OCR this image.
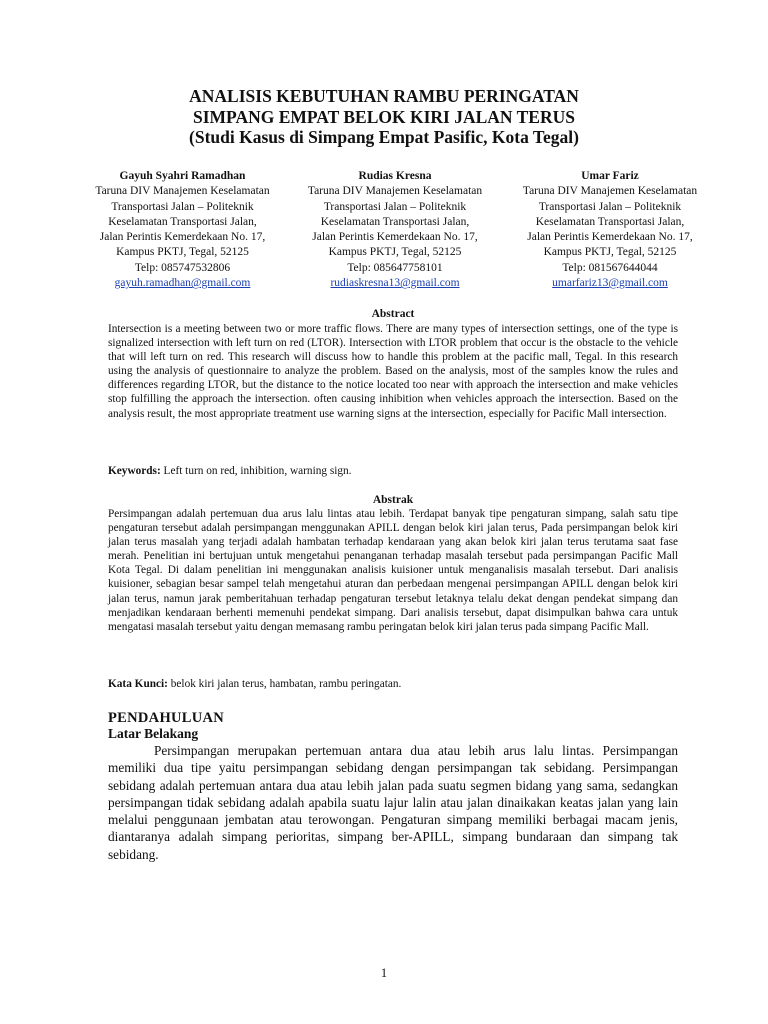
ANALISIS KEBUTUHAN RAMBU PERINGATAN
SIMPANG EMPAT BELOK KIRI JALAN TERUS
(Studi Kasus di Simpang Empat Pasific, Kota Tegal)
Gayuh Syahri Ramadhan
Taruna DIV Manajemen Keselamatan
Transportasi Jalan – Politeknik
Keselamatan Transportasi Jalan,
Jalan Perintis Kemerdekaan No. 17,
Kampus PKTJ, Tegal, 52125
Telp: 085747532806
gayuh.ramadhan@gmail.com
Rudias Kresna
Taruna DIV Manajemen Keselamatan
Transportasi Jalan – Politeknik
Keselamatan Transportasi Jalan,
Jalan Perintis Kemerdekaan No. 17,
Kampus PKTJ, Tegal, 52125
Telp: 085647758101
rudiaskresna13@gmail.com
Umar Fariz
Taruna DIV Manajemen Keselamatan
Transportasi Jalan – Politeknik
Keselamatan Transportasi Jalan,
Jalan Perintis Kemerdekaan No. 17,
Kampus PKTJ, Tegal, 52125
Telp: 081567644044
umarfariz13@gmail.com
Abstract

Intersection is a meeting between two or more traffic flows. There are many types of intersection settings, one of the type is signalized intersection with left turn on red (LTOR). Intersection with LTOR problem that occur is the obstacle to the vehicle that will left turn on red. This research will discuss how to handle this problem at the pacific mall, Tegal. In this research using the analysis of questionnaire to analyze the problem. Based on the analysis, most of the samples know the rules and differences regarding LTOR, but the distance to the notice located too near with approach the intersection and make vehicles stop fulfilling the approach the intersection. often causing inhibition when vehicles approach the intersection. Based on the analysis result, the most appropriate treatment use warning signs at the intersection, especially for Pacific Mall intersection.

Keywords: Left turn on red, inhibition, warning sign.

Abstrak

Persimpangan adalah pertemuan dua arus lalu lintas atau lebih. Terdapat banyak tipe pengaturan simpang, salah satu tipe pengaturan tersebut adalah persimpangan menggunakan APILL dengan belok kiri jalan terus, Pada persimpangan belok kiri jalan terus masalah yang terjadi adalah hambatan terhadap kendaraan yang akan belok kiri jalan terus terutama saat fase merah. Penelitian ini bertujuan untuk mengetahui penanganan terhadap masalah tersebut pada persimpangan Pacific Mall Kota Tegal. Di dalam penelitian ini menggunakan analisis kuisioner untuk menganalisis masalah tersebut. Dari analisis kuisioner, sebagian besar sampel telah mengetahui aturan dan perbedaan mengenai persimpangan APILL dengan belok kiri jalan terus, namun jarak pemberitahuan terhadap pengaturan tersebut letaknya telalu dekat dengan pendekat simpang dan menjadikan kendaraan berhenti memenuhi pendekat simpang. Dari analisis tersebut, dapat disimpulkan bahwa cara untuk mengatasi masalah tersebut yaitu dengan memasang rambu peringatan belok kiri jalan terus pada simpang Pacific Mall.

Kata Kunci: belok kiri jalan terus, hambatan, rambu peringatan.

PENDAHULUAN
Latar Belakang

Persimpangan merupakan pertemuan antara dua atau lebih arus lalu lintas. Persimpangan memiliki dua tipe yaitu persimpangan sebidang dengan persimpangan tak sebidang. Persimpangan sebidang adalah pertemuan antara dua atau lebih jalan pada suatu segmen bidang yang sama, sedangkan persimpangan tidak sebidang adalah apabila suatu lajur lalin atau jalan dinaikakan keatas jalan yang lain melalui penggunaan jembatan atau terowongan. Pengaturan simpang memiliki berbagai macam jenis, diantaranya adalah simpang perioritas, simpang ber-APILL, simpang bundaraan dan simpang tak sebidang.

1
